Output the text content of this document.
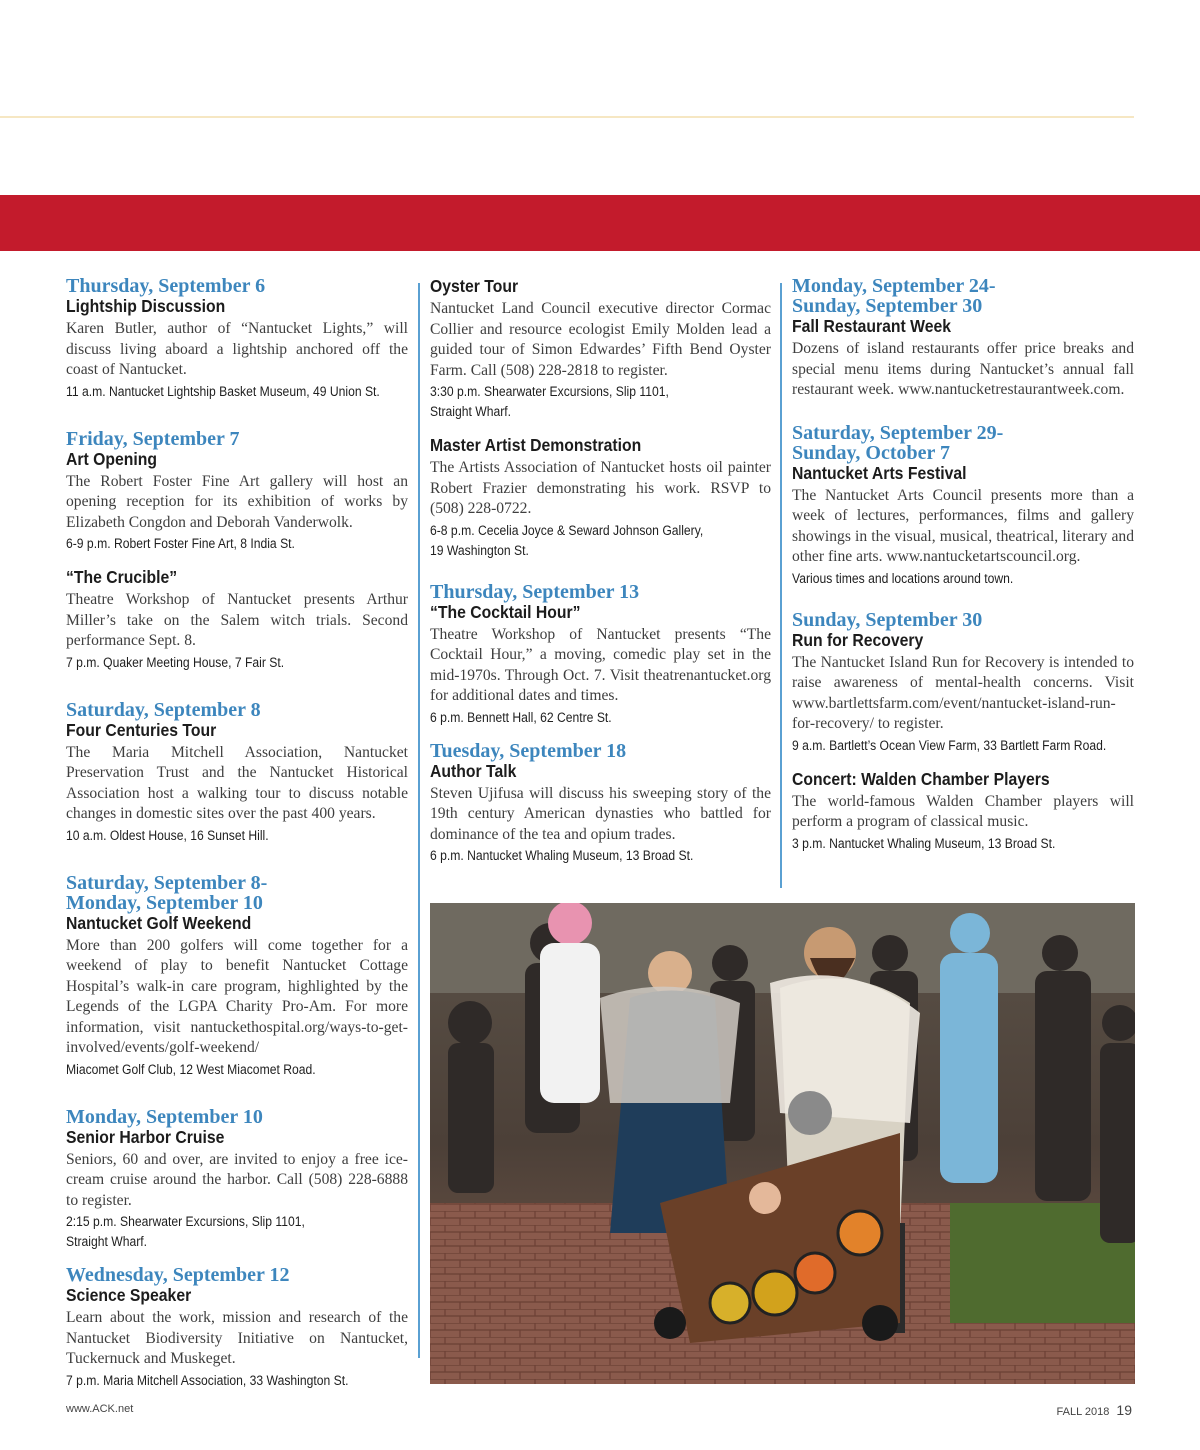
Thursday, September 6
Lightship Discussion
Karen Butler, author of “Nantucket Lights,” will discuss living aboard a lightship anchored off the coast of Nantucket.
11 a.m. Nantucket Lightship Basket Museum, 49 Union St.
Friday, September 7
Art Opening
The Robert Foster Fine Art gallery will host an opening reception for its exhibition of works by Elizabeth Congdon and Deborah Vanderwolk.
6-9 p.m. Robert Foster Fine Art, 8 India St.
“The Crucible”
Theatre Workshop of Nantucket presents Arthur Miller’s take on the Salem witch trials. Second performance Sept. 8.
7 p.m. Quaker Meeting House, 7 Fair St.
Saturday, September 8
Four Centuries Tour
The Maria Mitchell Association, Nantucket Preservation Trust and the Nantucket Historical Association host a walking tour to discuss notable changes in domestic sites over the past 400 years.
10 a.m. Oldest House, 16 Sunset Hill.
Saturday, September 8-
Monday, September 10
Nantucket Golf Weekend
More than 200 golfers will come together for a weekend of play to benefit Nantucket Cottage Hospital’s walk-in care program, highlighted by the Legends of the LGPA Charity Pro-Am. For more information, visit nantuckethospital.org/ways-to-get-involved/events/golf-weekend/
Miacomet Golf Club, 12 West Miacomet Road.
Monday, September 10
Senior Harbor Cruise
Seniors, 60 and over, are invited to enjoy a free ice-cream cruise around the harbor. Call (508) 228-6888 to register.
2:15 p.m. Shearwater Excursions, Slip 1101,
Straight Wharf.
Wednesday, September 12
Science Speaker
Learn about the work, mission and research of the Nantucket Biodiversity Initiative on Nantucket, Tuckernuck and Muskeget.
7 p.m. Maria Mitchell Association, 33 Washington St.
Oyster Tour
Nantucket Land Council executive director Cormac Collier and resource ecologist Emily Molden lead a guided tour of Simon Edwardes’ Fifth Bend Oyster Farm. Call (508) 228-2818 to register.
3:30 p.m. Shearwater Excursions, Slip 1101,
Straight Wharf.
Master Artist Demonstration
The Artists Association of Nantucket hosts oil painter Robert Frazier demonstrating his work. RSVP to (508) 228-0722.
6-8 p.m. Cecelia Joyce & Seward Johnson Gallery,
19 Washington St.
Thursday, September 13
“The Cocktail Hour”
Theatre Workshop of Nantucket presents “The Cocktail Hour,” a moving, comedic play set in the mid-1970s. Through Oct. 7. Visit theatrenantucket.org for additional dates and times.
6 p.m. Bennett Hall, 62 Centre St.
Tuesday, September 18
Author Talk
Steven Ujifusa will discuss his sweeping story of the 19th century American dynasties who battled for dominance of the tea and opium trades.
6 p.m. Nantucket Whaling Museum, 13 Broad St.
Monday, September 24-
Sunday, September 30
Fall Restaurant Week
Dozens of island restaurants offer price breaks and special menu items during Nantucket’s annual fall restaurant week. www.nantucketrestaurantweek.com.
Saturday, September 29-
Sunday, October 7
Nantucket Arts Festival
The Nantucket Arts Council presents more than a week of lectures, performances, films and gallery showings in the visual, musical, theatrical, literary and other fine arts. www.nantucketartscouncil.org.
Various times and locations around town.
Sunday, September 30
Run for Recovery
The Nantucket Island Run for Recovery is intended to raise awareness of mental-health concerns. Visit www.bartlettsfarm.com/event/nantucket-island-run-for-recovery/ to register.
9 a.m. Bartlett’s Ocean View Farm, 33 Bartlett Farm Road.
Concert: Walden Chamber Players
The world-famous Walden Chamber players will perform a program of classical music.
3 p.m. Nantucket Whaling Museum, 13 Broad St.
www.ACK.net	FALL 2018 19
